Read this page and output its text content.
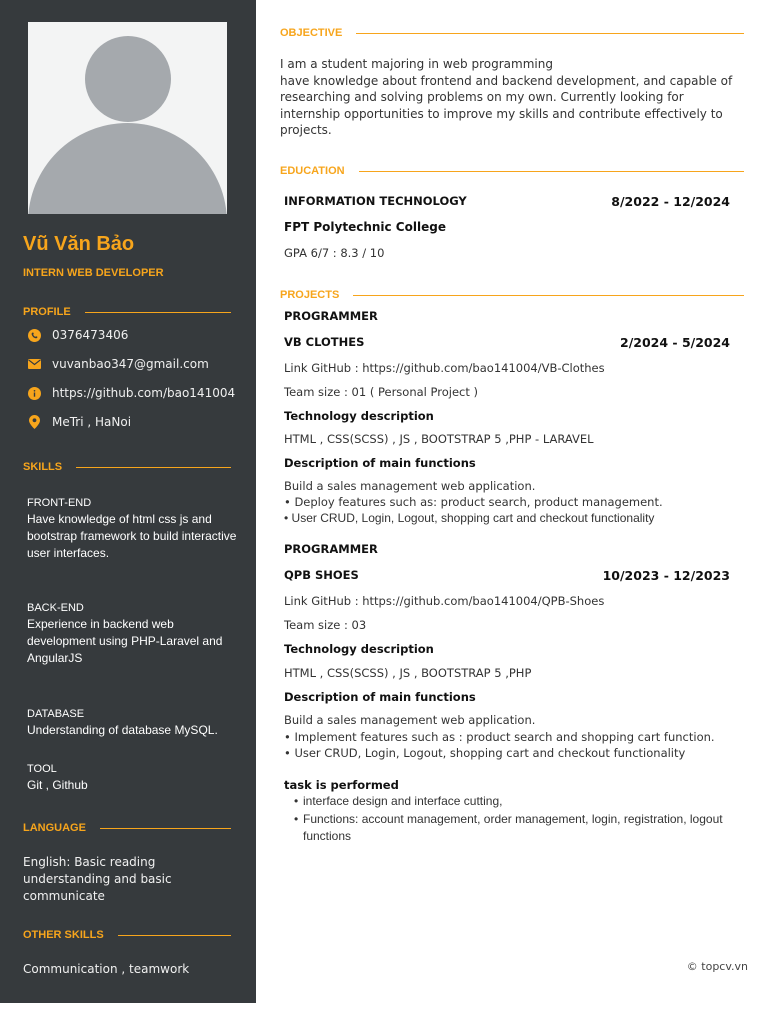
Vũ Văn Bảo
INTERN WEB DEVELOPER
PROFILE
0376473406
vuvanbao347@gmail.com
https://github.com/bao141004
MeTri , HaNoi
SKILLS
FRONT-END
Have knowledge of html css js and bootstrap framework to build interactive user interfaces.
BACK-END
Experience in backend web development using PHP-Laravel and AngularJS
DATABASE
Understanding of database MySQL.
TOOL
Git , Github
LANGUAGE
English: Basic reading understanding and basic communicate
OTHER SKILLS
Communication , teamwork
OBJECTIVE
I am a student majoring in web programming
have knowledge about frontend and backend development, and capable of researching and solving problems on my own. Currently looking for internship opportunities to improve my skills and contribute effectively to projects.
EDUCATION
INFORMATION TECHNOLOGY	8/2022 - 12/2024
FPT Polytechnic College
GPA 6/7 : 8.3 / 10
PROJECTS
PROGRAMMER
VB CLOTHES	2/2024 - 5/2024
Link GitHub : https://github.com/bao141004/VB-Clothes
Team size : 01 ( Personal Project )
Technology description
HTML , CSS(SCSS) , JS , BOOTSTRAP 5 ,PHP - LARAVEL
Description of main functions
Build a sales management web application.
• Deploy features such as: product search, product management.
• User CRUD, Login, Logout, shopping cart and checkout functionality
PROGRAMMER
QPB SHOES	10/2023 - 12/2023
Link GitHub : https://github.com/bao141004/QPB-Shoes
Team size : 03
Technology description
HTML , CSS(SCSS) , JS , BOOTSTRAP 5 ,PHP
Description of main functions
Build a sales management web application.
• Implement features such as : product search and shopping cart function.
• User CRUD, Login, Logout, shopping cart and checkout functionality
task is performed
• interface design and interface cutting,
• Functions: account management, order management, login, registration, logout functions
© topcv.vn
